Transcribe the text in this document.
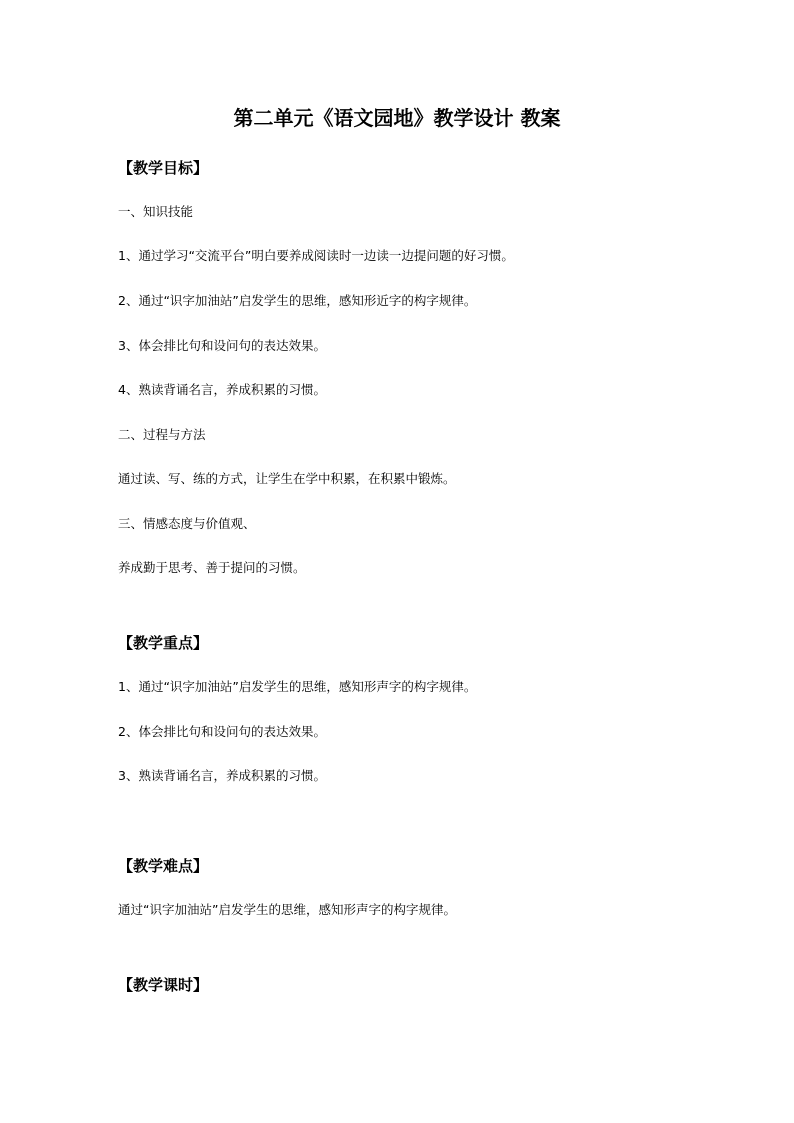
第二单元《语文园地》教学设计 教案
【教学目标】
一、知识技能
1、通过学习“交流平台”明白要养成阅读时一边读一边提问题的好习惯。
2、通过“识字加油站”启发学生的思维，感知形近字的构字规律。
3、体会排比句和设问句的表达效果。
4、熟读背诵名言，养成积累的习惯。
二、过程与方法
通过读、写、练的方式，让学生在学中积累，在积累中锻炼。
三、情感态度与价值观、
养成勤于思考、善于提问的习惯。
【教学重点】
1、通过“识字加油站”启发学生的思维，感知形声字的构字规律。
2、体会排比句和设问句的表达效果。
3、熟读背诵名言，养成积累的习惯。
【教学难点】
通过“识字加油站”启发学生的思维，感知形声字的构字规律。
【教学课时】
